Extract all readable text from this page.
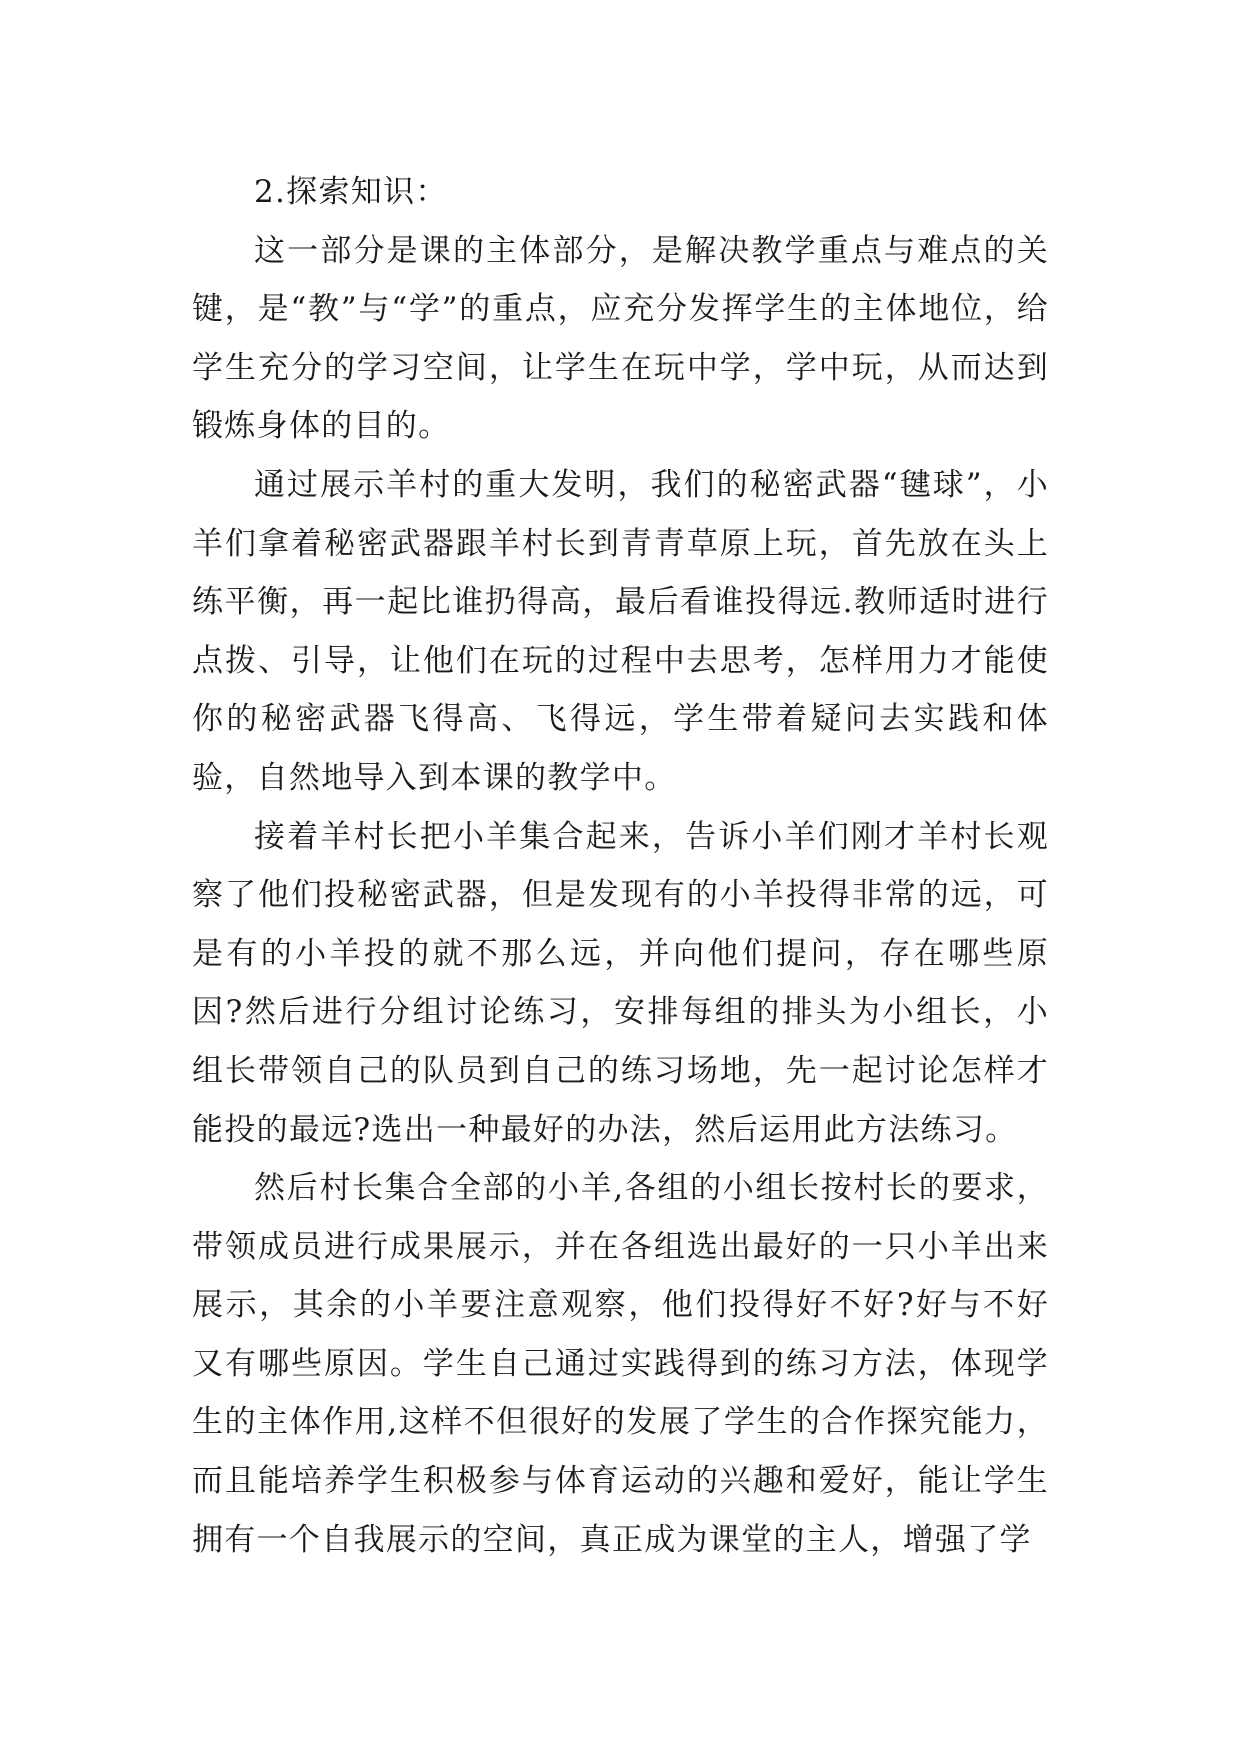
2.探索知识：

这一部分是课的主体部分，是解决教学重点与难点的关键，是“教”与“学”的重点，应充分发挥学生的主体地位，给学生充分的学习空间，让学生在玩中学，学中玩，从而达到锻炼身体的目的。

通过展示羊村的重大发明，我们的秘密武器“毽球”，小羊们拿着秘密武器跟羊村长到青青草原上玩，首先放在头上练平衡，再一起比谁扔得高，最后看谁投得远.教师适时进行点拨、引导，让他们在玩的过程中去思考，怎样用力才能使你的秘密武器飞得高、飞得远，学生带着疑问去实践和体验，自然地导入到本课的教学中。

接着羊村长把小羊集合起来，告诉小羊们刚才羊村长观察了他们投秘密武器，但是发现有的小羊投得非常的远，可是有的小羊投的就不那么远，并向他们提问，存在哪些原因?然后进行分组讨论练习，安排每组的排头为小组长，小组长带领自己的队员到自己的练习场地，先一起讨论怎样才能投的最远?选出一种最好的办法，然后运用此方法练习。

然后村长集合全部的小羊,各组的小组长按村长的要求，带领成员进行成果展示，并在各组选出最好的一只小羊出来展示，其余的小羊要注意观察，他们投得好不好?好与不好又有哪些原因。学生自己通过实践得到的练习方法，体现学生的主体作用,这样不但很好的发展了学生的合作探究能力，而且能培养学生积极参与体育运动的兴趣和爱好，能让学生拥有一个自我展示的空间，真正成为课堂的主人，增强了学
